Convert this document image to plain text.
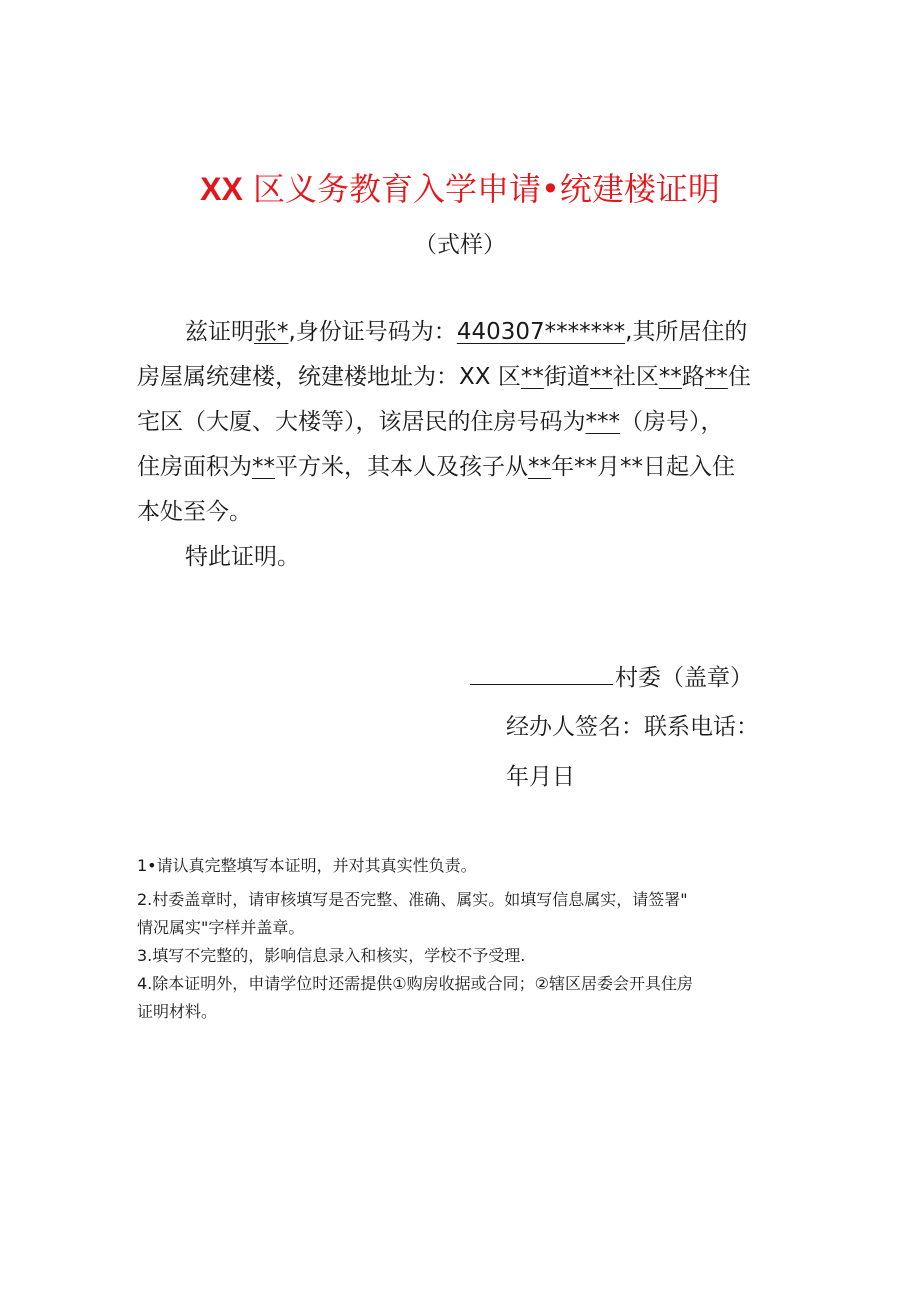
XX 区义务教育入学申请•统建楼证明
（式样）
兹证明张*,身份证号码为：440307*******,其所居住的
房屋属统建楼，统建楼地址为：XX 区**街道**社区**路**住
宅区（大厦、大楼等），该居民的住房号码为***（房号），
住房面积为**平方米，其本人及孩子从**年**月**日起入住
本处至今。
特此证明。
村委（盖章）
经办人签名：联系电话：
年月日
1•请认真完整填写本证明，并对其真实性负责。
2.村委盖章时，请审核填写是否完整、准确、属实。如填写信息属实，请签署"
情况属实"字样并盖章。
3.填写不完整的，影响信息录入和核实，学校不予受理.
4.除本证明外，申请学位时还需提供①购房收据或合同；②辖区居委会开具住房
证明材料。
